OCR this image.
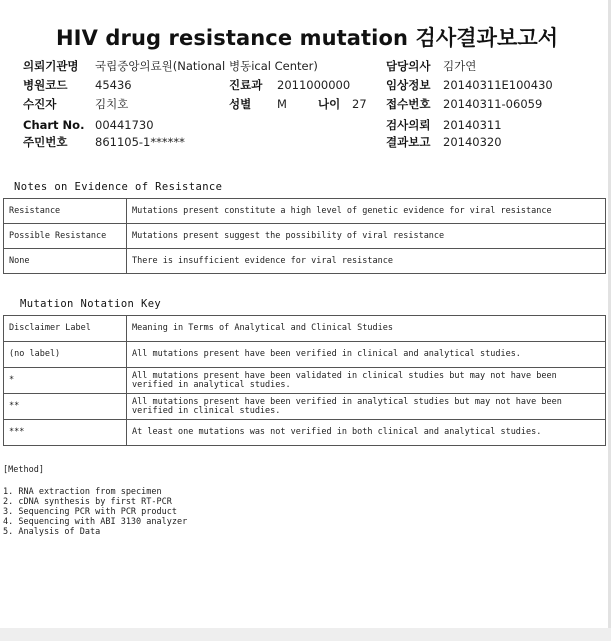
HIV drug resistance mutation 검사결과보고서
의뢰기관명 국립중앙의료원(National 병동ical Center)
병원코드 45436	진료과 2011000000
수진자	김치호	성별 M	나이 27
Chart No. 00441730
주민번호 861105-1******
담당의사 김가연
임상정보 20140311E100430
접수번호 20140311-06059
검사의뢰 20140311
결과보고 20140320
Notes on Evidence of Resistance
Resistance	Mutations present constitute a high level of genetic evidence for viral resistance
Possible Resistance	Mutations present suggest the possibility of viral resistance
None	There is insufficient evidence for viral resistance
Mutation Notation Key
Disclaimer Label	Meaning in Terms of Analytical and Clinical Studies
(no label)	All mutations present have been verified in clinical and analytical studies.
*	All mutations present have been validated in clinical studies but may not have been verified in analytical studies.
**	All mutations present have been verified in analytical studies but may not have been verified in clinical studies.
***	At least one mutations was not verified in both clinical and analytical studies.
[Method]
1. RNA extraction from specimen
2. cDNA synthesis by first RT-PCR
3. Sequencing PCR with PCR product
4. Sequencing with ABI 3130 analyzer
5. Analysis of Data
